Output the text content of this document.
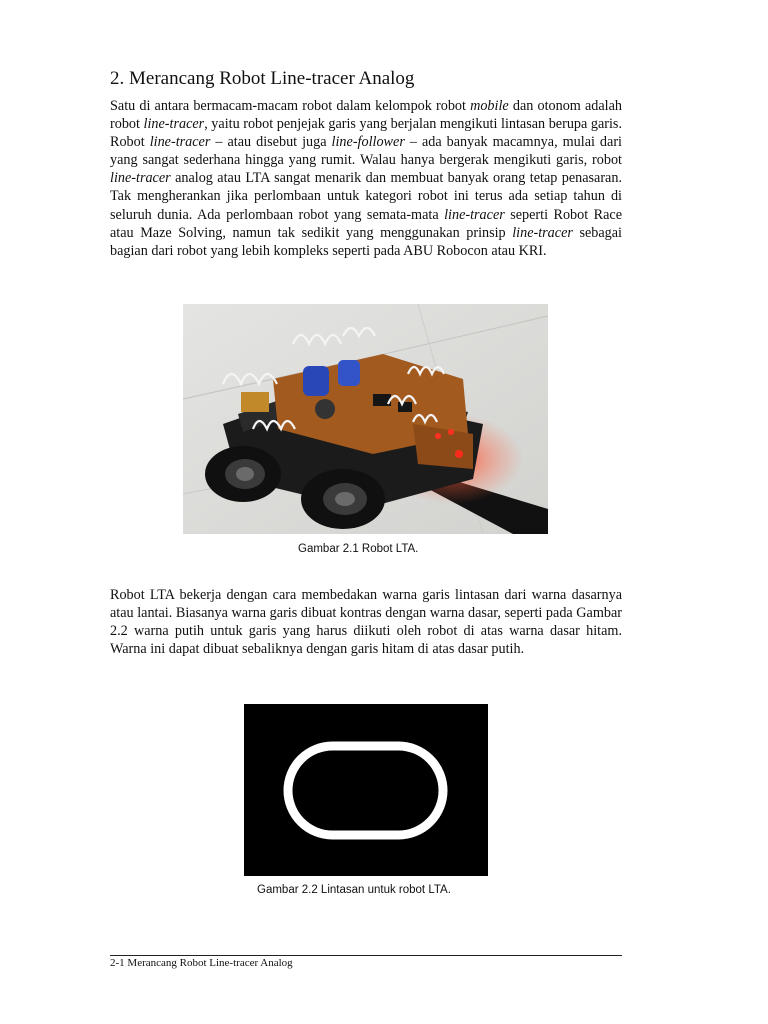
2. Merancang Robot Line-tracer Analog

Satu di antara bermacam-macam robot dalam kelompok robot mobile dan otonom adalah robot line-tracer, yaitu robot penjejak garis yang berjalan mengikuti lintasan berupa garis. Robot line-tracer – atau disebut juga line-follower – ada banyak macamnya, mulai dari yang sangat sederhana hingga yang rumit. Walau hanya bergerak mengikuti garis, robot line-tracer analog atau LTA sangat menarik dan membuat banyak orang tetap penasaran. Tak mengherankan jika perlombaan untuk kategori robot ini terus ada setiap tahun di seluruh dunia. Ada perlombaan robot yang semata-mata line-tracer seperti Robot Race atau Maze Solving, namun tak sedikit yang menggunakan prinsip line-tracer sebagai bagian dari robot yang lebih kompleks seperti pada ABU Robocon atau KRI.

Gambar 2.1 Robot LTA.

Robot LTA bekerja dengan cara membedakan warna garis lintasan dari warna dasarnya atau lantai. Biasanya warna garis dibuat kontras dengan warna dasar, seperti pada Gambar 2.2 warna putih untuk garis yang harus diikuti oleh robot di atas warna dasar hitam. Warna ini dapat dibuat sebaliknya dengan garis hitam di atas dasar putih.

Gambar 2.2 Lintasan untuk robot LTA.
2-1 Merancang Robot Line-tracer Analog
